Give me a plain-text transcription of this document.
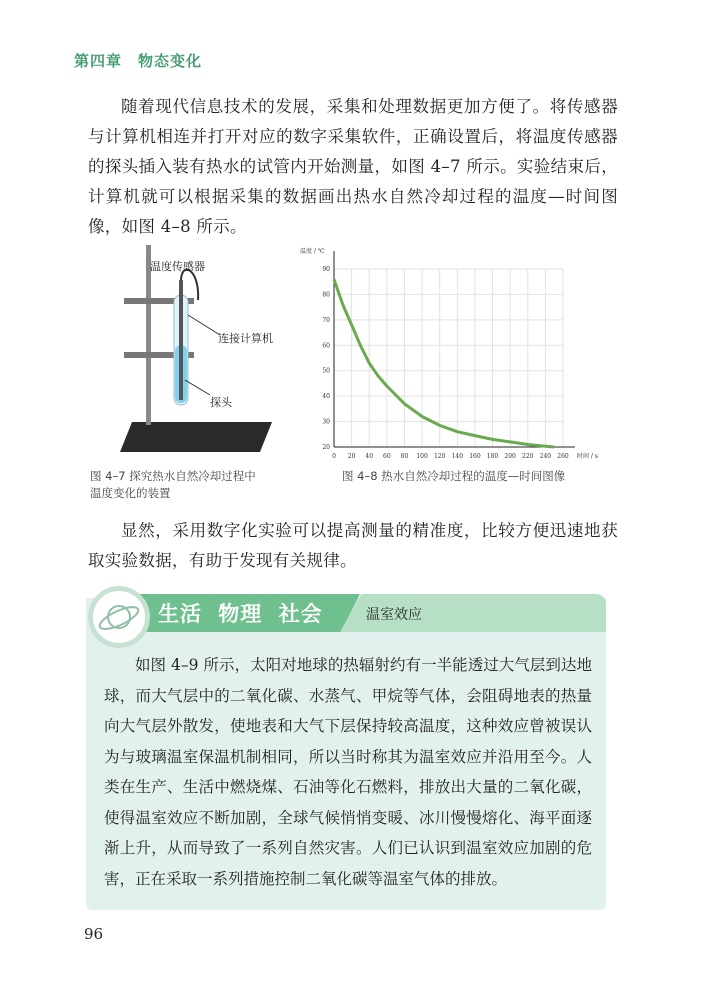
第四章　物态变化

随着现代信息技术的发展，采集和处理数据更加方便了。将传感器与计算机相连并打开对应的数字采集软件，正确设置后，将温度传感器的探头插入装有热水的试管内开始测量，如图 4–7 所示。实验结束后，计算机就可以根据采集的数据画出热水自然冷却过程的温度—时间图像，如图 4–8 所示。

温度传感器
连接计算机
探头
图 4–7 探究热水自然冷却过程中
温度变化的装置
0 20 40 60 80 100 120 140 160 180 200 220 240 260
20
30
40
50
60
70
80
90
时间 / s
温度 / ℃
图 4–8 热水自然冷却过程的温度—时间图像

显然，采用数字化实验可以提高测量的精准度，比较方便迅速地获取实验数据，有助于发现有关规律。

生活 物理 社会	温室效应

如图 4–9 所示，太阳对地球的热辐射约有一半能透过大气层到达地球，而大气层中的二氧化碳、水蒸气、甲烷等气体，会阻碍地表的热量向大气层外散发，使地表和大气下层保持较高温度，这种效应曾被误认为与玻璃温室保温机制相同，所以当时称其为温室效应并沿用至今。人类在生产、生活中燃烧煤、石油等化石燃料，排放出大量的二氧化碳，使得温室效应不断加剧，全球气候悄悄变暖、冰川慢慢熔化、海平面逐渐上升，从而导致了一系列自然灾害。人们已认识到温室效应加剧的危害，正在采取一系列措施控制二氧化碳等温室气体的排放。

96
